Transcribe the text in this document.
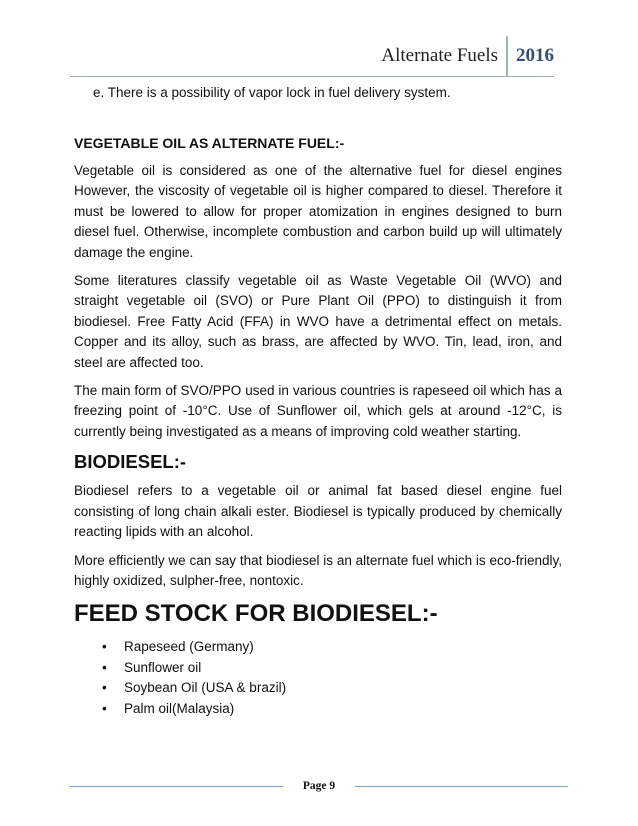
Alternate Fuels 2016
e. There is a possibility of vapor lock in fuel delivery system.
VEGETABLE OIL AS ALTERNATE FUEL:-

Vegetable oil is considered as one of the alternative fuel for diesel engines However, the viscosity of vegetable oil is higher compared to diesel. Therefore it must be lowered to allow for proper atomization in engines designed to burn diesel fuel. Otherwise, incomplete combustion and carbon build up will ultimately damage the engine.

Some literatures classify vegetable oil as Waste Vegetable Oil (WVO) and straight vegetable oil (SVO) or Pure Plant Oil (PPO) to distinguish it from biodiesel. Free Fatty Acid (FFA) in WVO have a detrimental effect on metals. Copper and its alloy, such as brass, are affected by WVO. Tin, lead, iron, and steel are affected too.

The main form of SVO/PPO used in various countries is rapeseed oil which has a freezing point of -10°C. Use of Sunflower oil, which gels at around -12°C, is currently being investigated as a means of improving cold weather starting.

BIODIESEL:-

Biodiesel refers to a vegetable oil or animal fat based diesel engine fuel consisting of long chain alkali ester. Biodiesel is typically produced by chemically reacting lipids with an alcohol.

More efficiently we can say that biodiesel is an alternate fuel which is eco-friendly, highly oxidized, sulpher-free, nontoxic.

FEED STOCK FOR BIODIESEL:-
• Rapeseed (Germany)
• Sunflower oil
• Soybean Oil (USA & brazil)
• Palm oil(Malaysia)
Page 9
